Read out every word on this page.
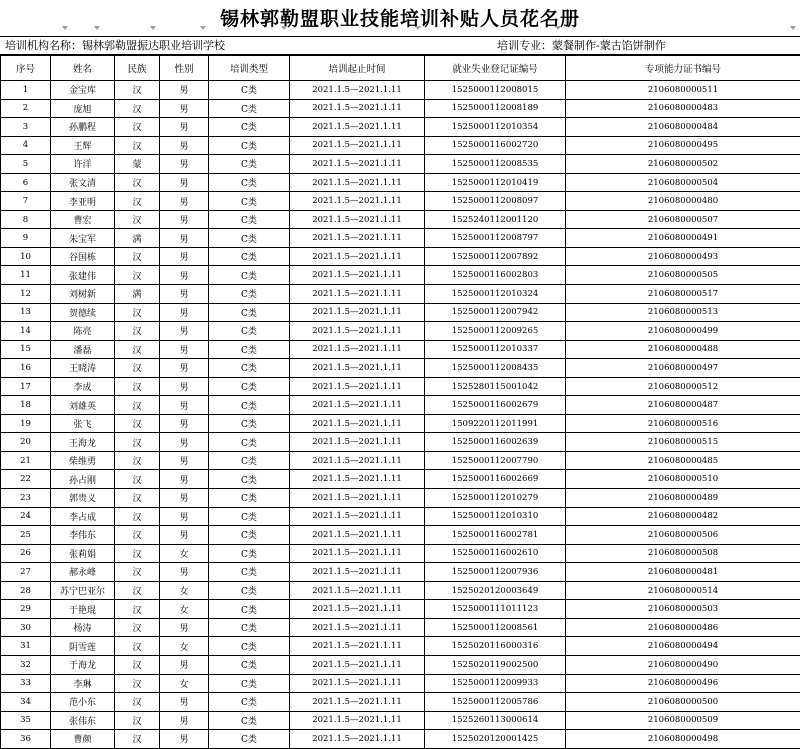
锡林郭勒盟职业技能培训补贴人员花名册
培训机构名称：锡林郭勒盟振达职业培训学校	培训专业：蒙餐制作-蒙古馅饼制作
序号	姓名	民族	性别	培训类型	培训起止时间	就业失业登记证编号	专项能力证书编号
1	金宝库	汉	男	C类	2021.1.5—2021.1.11	1525000112008015	2106080000511
2	庞旭	汉	男	C类	2021.1.5—2021.1.11	1525000112008189	2106080000483
3	孙鹏程	汉	男	C类	2021.1.5—2021.1.11	1525000112010354	2106080000484
4	王辉	汉	男	C类	2021.1.5—2021.1.11	1525000116002720	2106080000495
5	许洋	蒙	男	C类	2021.1.5—2021.1.11	1525000112008535	2106080000502
6	张文清	汉	男	C类	2021.1.5—2021.1.11	1525000112010419	2106080000504
7	李亚明	汉	男	C类	2021.1.5—2021.1.11	1525000112008097	2106080000480
8	曹宏	汉	男	C类	2021.1.5—2021.1.11	1525240112001120	2106080000507
9	朱宝军	满	男	C类	2021.1.5—2021.1.11	1525000112008797	2106080000491
10	谷国栋	汉	男	C类	2021.1.5—2021.1.11	1525000112007892	2106080000493
11	张建伟	汉	男	C类	2021.1.5—2021.1.11	1525000116002803	2106080000505
12	刘树新	满	男	C类	2021.1.5—2021.1.11	1525000112010324	2106080000517
13	贺德续	汉	男	C类	2021.1.5—2021.1.11	1525000112007942	2106080000513
14	陈亮	汉	男	C类	2021.1.5—2021.1.11	1525000112009265	2106080000499
15	潘磊	汉	男	C类	2021.1.5—2021.1.11	1525000112010337	2106080000488
16	王晓涛	汉	男	C类	2021.1.5—2021.1.11	1525000112008435	2106080000497
17	李成	汉	男	C类	2021.1.5—2021.1.11	1525280115001042	2106080000512
18	刘雄英	汉	男	C类	2021.1.5—2021.1.11	1525000116002679	2106080000487
19	张飞	汉	男	C类	2021.1.5—2021.1.11	1509220112011991	2106080000516
20	王海龙	汉	男	C类	2021.1.5—2021.1.11	1525000116002639	2106080000515
21	柴维勇	汉	男	C类	2021.1.5—2021.1.11	1525000112007790	2106080000485
22	孙占刚	汉	男	C类	2021.1.5—2021.1.11	1525000116002669	2106080000510
23	郭贵义	汉	男	C类	2021.1.5—2021.1.11	1525000112010279	2106080000489
24	李占成	汉	男	C类	2021.1.5—2021.1.11	1525000112010310	2106080000482
25	李伟东	汉	男	C类	2021.1.5—2021.1.11	1525000116002781	2106080000506
26	张莉娟	汉	女	C类	2021.1.5—2021.1.11	1525000116002610	2106080000508
27	郝永峰	汉	男	C类	2021.1.5—2021.1.11	1525000112007936	2106080000481
28	苏宁巴亚尔	汉	女	C类	2021.1.5—2021.1.11	1525020120003649	2106080000514
29	于艳琨	汉	女	C类	2021.1.5—2021.1.11	1525000111011123	2106080000503
30	杨涛	汉	男	C类	2021.1.5—2021.1.11	1525000112008561	2106080000486
31	阴雪莲	汉	女	C类	2021.1.5—2021.1.11	1525020116000316	2106080000494
32	于海龙	汉	男	C类	2021.1.5—2021.1.11	1525020119002500	2106080000490
33	李琳	汉	女	C类	2021.1.5—2021.1.11	1525000112009933	2106080000496
34	范小东	汉	男	C类	2021.1.5—2021.1.11	1525000112005786	2106080000500
35	张伟东	汉	男	C类	2021.1.5—2021.1.11	1525260113000614	2106080000509
36	曹颜	汉	男	C类	2021.1.5—2021.1.11	1525020120001425	2106080000498
